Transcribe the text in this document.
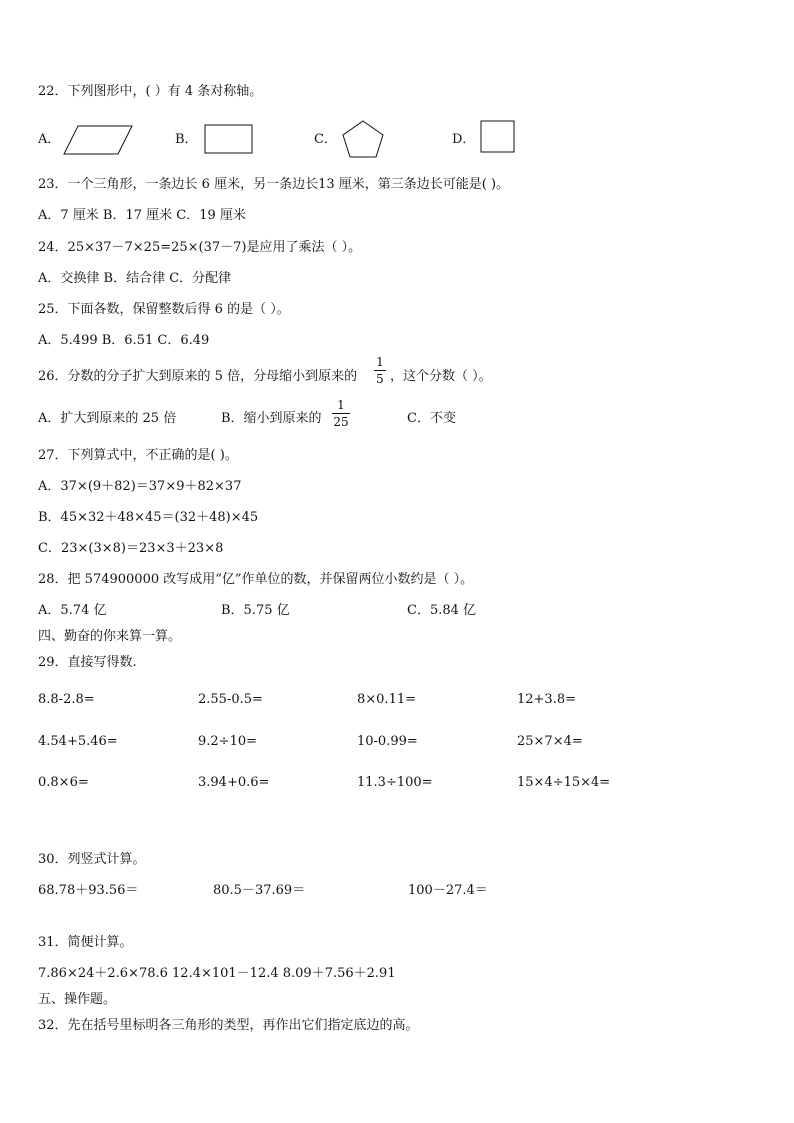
22．下列图形中，( ）有 4 条对称轴。
A．	B．	C．	D．
23．一个三角形，一条边长 6 厘米，另一条边长13 厘米，第三条边长可能是( )。
A．7 厘米 B．17 厘米 C．19 厘米
24．25×37－7×25=25×(37－7)是应用了乘法（ ）。
A．交换律 B．结合律 C．分配律
25．下面各数，保留整数后得 6 的是（ ）。
A．5.499 B．6.51 C．6.49
26．分数的分子扩大到原来的 5 倍，分母缩小到原来的
1
5 ，这个分数（ ）。
A．扩大到原来的 25 倍	B．缩小到原来的
1
25	C．不变
27．下列算式中，不正确的是( )。
A．37×(9＋82)＝37×9＋82×37
B．45×32＋48×45＝(32＋48)×45
C．23×(3×8)＝23×3＋23×8
28．把 574900000 改写成用“亿”作单位的数，并保留两位小数约是（ ）。
A．5.74 亿	B．5.75 亿	C．5.84 亿
四、勤奋的你来算一算。
29．直接写得数.
8.8-2.8=	2.55-0.5=	8×0.11=	12+3.8=
4.54+5.46=	9.2÷10=	10-0.99=	25×7×4=
0.8×6=	3.94+0.6=	11.3÷100=	15×4÷15×4=
30．列竖式计算。
68.78＋93.56＝	80.5－37.69＝	100－27.4＝
31．简便计算。
7.86×24＋2.6×78.6 12.4×101－12.4 8.09＋7.56＋2.91
五、操作题。
32．先在括号里标明各三角形的类型，再作出它们指定底边的高。
